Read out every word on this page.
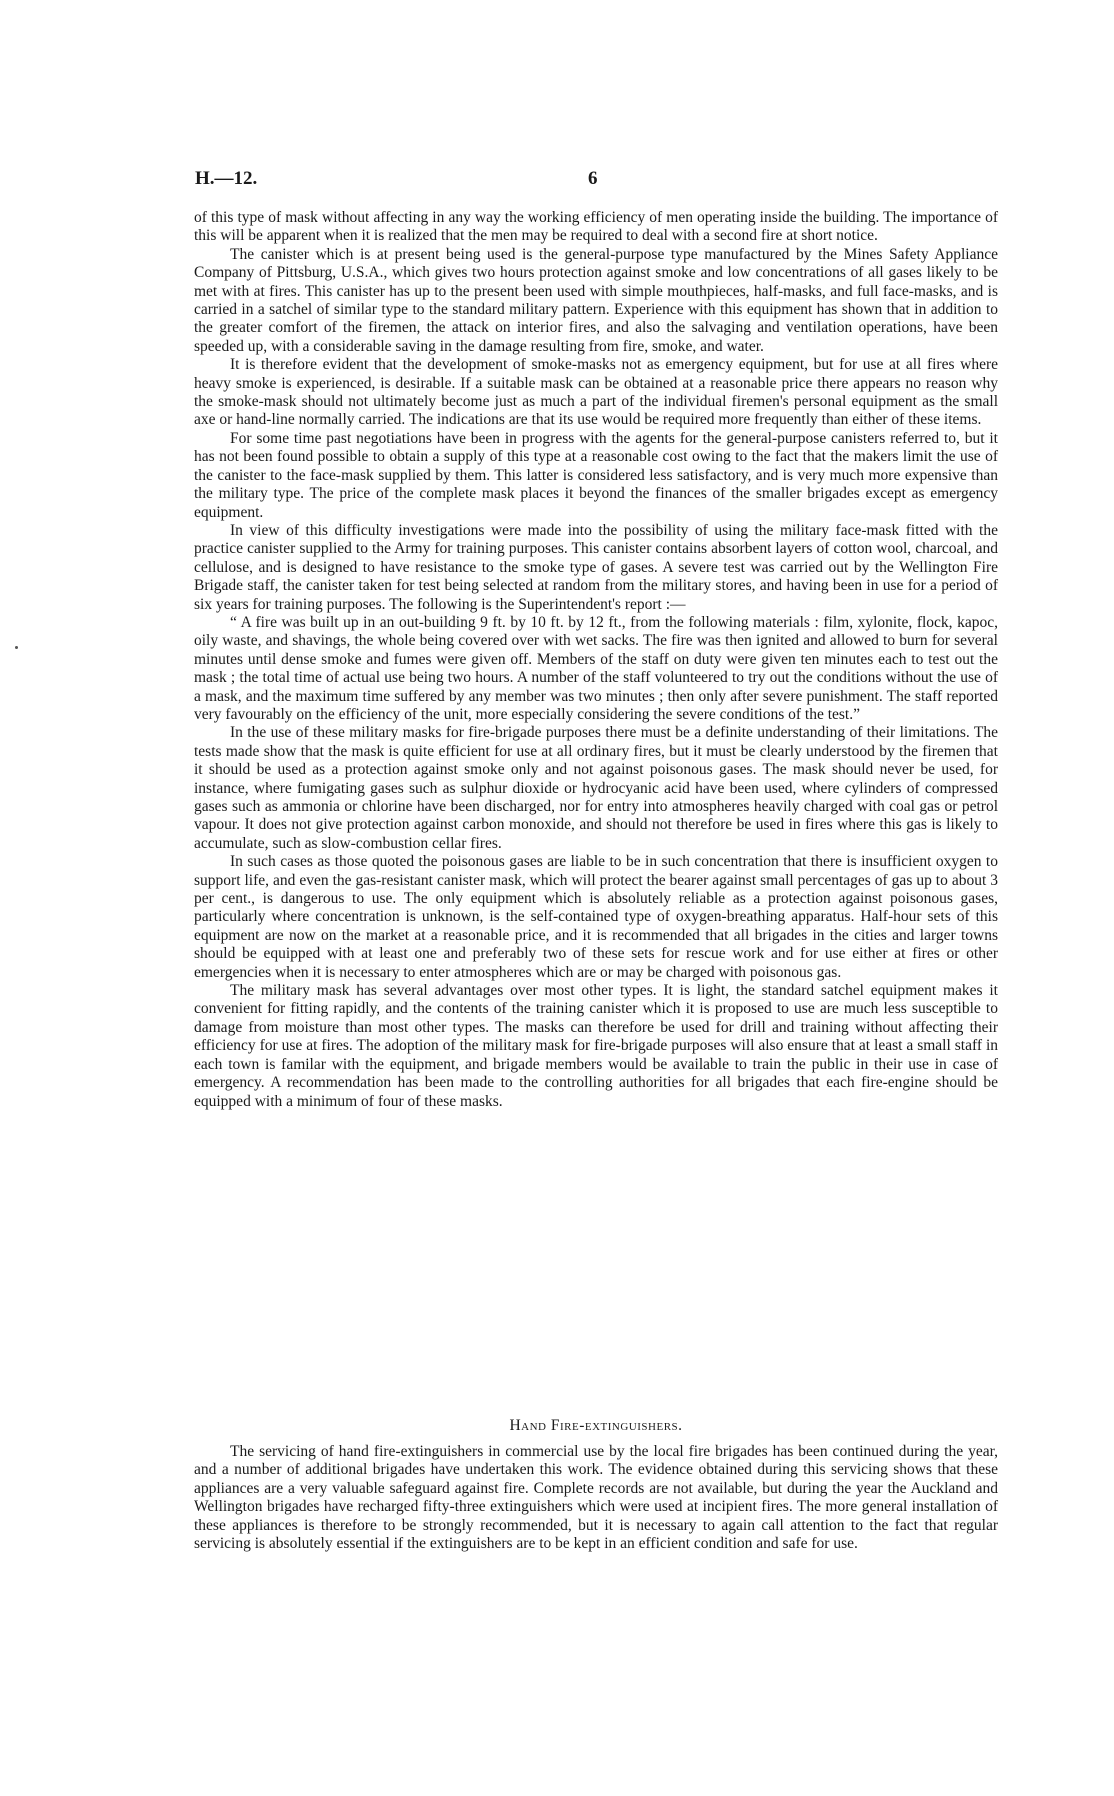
H.—12.	6

of this type of mask without affecting in any way the working efficiency of men operating inside the building. The importance of this will be apparent when it is realized that the men may be required to deal with a second fire at short notice.

The canister which is at present being used is the general-purpose type manufactured by the Mines Safety Appliance Company of Pittsburg, U.S.A., which gives two hours protection against smoke and low concentrations of all gases likely to be met with at fires. This canister has up to the present been used with simple mouthpieces, half-masks, and full face-masks, and is carried in a satchel of similar type to the standard military pattern. Experience with this equipment has shown that in addition to the greater comfort of the firemen, the attack on interior fires, and also the salvaging and ventilation operations, have been speeded up, with a considerable saving in the damage resulting from fire, smoke, and water.

It is therefore evident that the development of smoke-masks not as emergency equipment, but for use at all fires where heavy smoke is experienced, is desirable. If a suitable mask can be obtained at a reasonable price there appears no reason why the smoke-mask should not ultimately become just as much a part of the individual firemen's personal equipment as the small axe or hand-line normally carried. The indications are that its use would be required more frequently than either of these items.

For some time past negotiations have been in progress with the agents for the general-purpose canisters referred to, but it has not been found possible to obtain a supply of this type at a reasonable cost owing to the fact that the makers limit the use of the canister to the face-mask supplied by them. This latter is considered less satisfactory, and is very much more expensive than the military type. The price of the complete mask places it beyond the finances of the smaller brigades except as emergency equipment.

In view of this difficulty investigations were made into the possibility of using the military face-mask fitted with the practice canister supplied to the Army for training purposes. This canister contains absorbent layers of cotton wool, charcoal, and cellulose, and is designed to have resistance to the smoke type of gases. A severe test was carried out by the Wellington Fire Brigade staff, the canister taken for test being selected at random from the military stores, and having been in use for a period of six years for training purposes. The following is the Superintendent's report :—

“ A fire was built up in an out-building 9 ft. by 10 ft. by 12 ft., from the following materials : film, xylonite, flock, kapoc, oily waste, and shavings, the whole being covered over with wet sacks. The fire was then ignited and allowed to burn for several minutes until dense smoke and fumes were given off. Members of the staff on duty were given ten minutes each to test out the mask ; the total time of actual use being two hours. A number of the staff volunteered to try out the conditions without the use of a mask, and the maximum time suffered by any member was two minutes ; then only after severe punishment. The staff reported very favourably on the efficiency of the unit, more especially considering the severe conditions of the test.”

In the use of these military masks for fire-brigade purposes there must be a definite understanding of their limitations. The tests made show that the mask is quite efficient for use at all ordinary fires, but it must be clearly understood by the firemen that it should be used as a protection against smoke only and not against poisonous gases. The mask should never be used, for instance, where fumigating gases such as sulphur dioxide or hydrocyanic acid have been used, where cylinders of compressed gases such as ammonia or chlorine have been discharged, nor for entry into atmospheres heavily charged with coal gas or petrol vapour. It does not give protection against carbon monoxide, and should not therefore be used in fires where this gas is likely to accumulate, such as slow-combustion cellar fires.

In such cases as those quoted the poisonous gases are liable to be in such concentration that there is insufficient oxygen to support life, and even the gas-resistant canister mask, which will protect the bearer against small percentages of gas up to about 3 per cent., is dangerous to use. The only equipment which is absolutely reliable as a protection against poisonous gases, particularly where concentration is unknown, is the self-contained type of oxygen-breathing apparatus. Half-hour sets of this equipment are now on the market at a reasonable price, and it is recommended that all brigades in the cities and larger towns should be equipped with at least one and preferably two of these sets for rescue work and for use either at fires or other emergencies when it is necessary to enter atmospheres which are or may be charged with poisonous gas.

The military mask has several advantages over most other types. It is light, the standard satchel equipment makes it convenient for fitting rapidly, and the contents of the training canister which it is proposed to use are much less susceptible to damage from moisture than most other types. The masks can therefore be used for drill and training without affecting their efficiency for use at fires. The adoption of the military mask for fire-brigade purposes will also ensure that at least a small staff in each town is familar with the equipment, and brigade members would be available to train the public in their use in case of emergency. A recommendation has been made to the controlling authorities for all brigades that each fire-engine should be equipped with a minimum of four of these masks.

Hand Fire-extinguishers.

The servicing of hand fire-extinguishers in commercial use by the local fire brigades has been continued during the year, and a number of additional brigades have undertaken this work. The evidence obtained during this servicing shows that these appliances are a very valuable safeguard against fire. Complete records are not available, but during the year the Auckland and Wellington brigades have recharged fifty-three extinguishers which were used at incipient fires. The more general installation of these appliances is therefore to be strongly recommended, but it is necessary to again call attention to the fact that regular servicing is absolutely essential if the extinguishers are to be kept in an efficient condition and safe for use.
